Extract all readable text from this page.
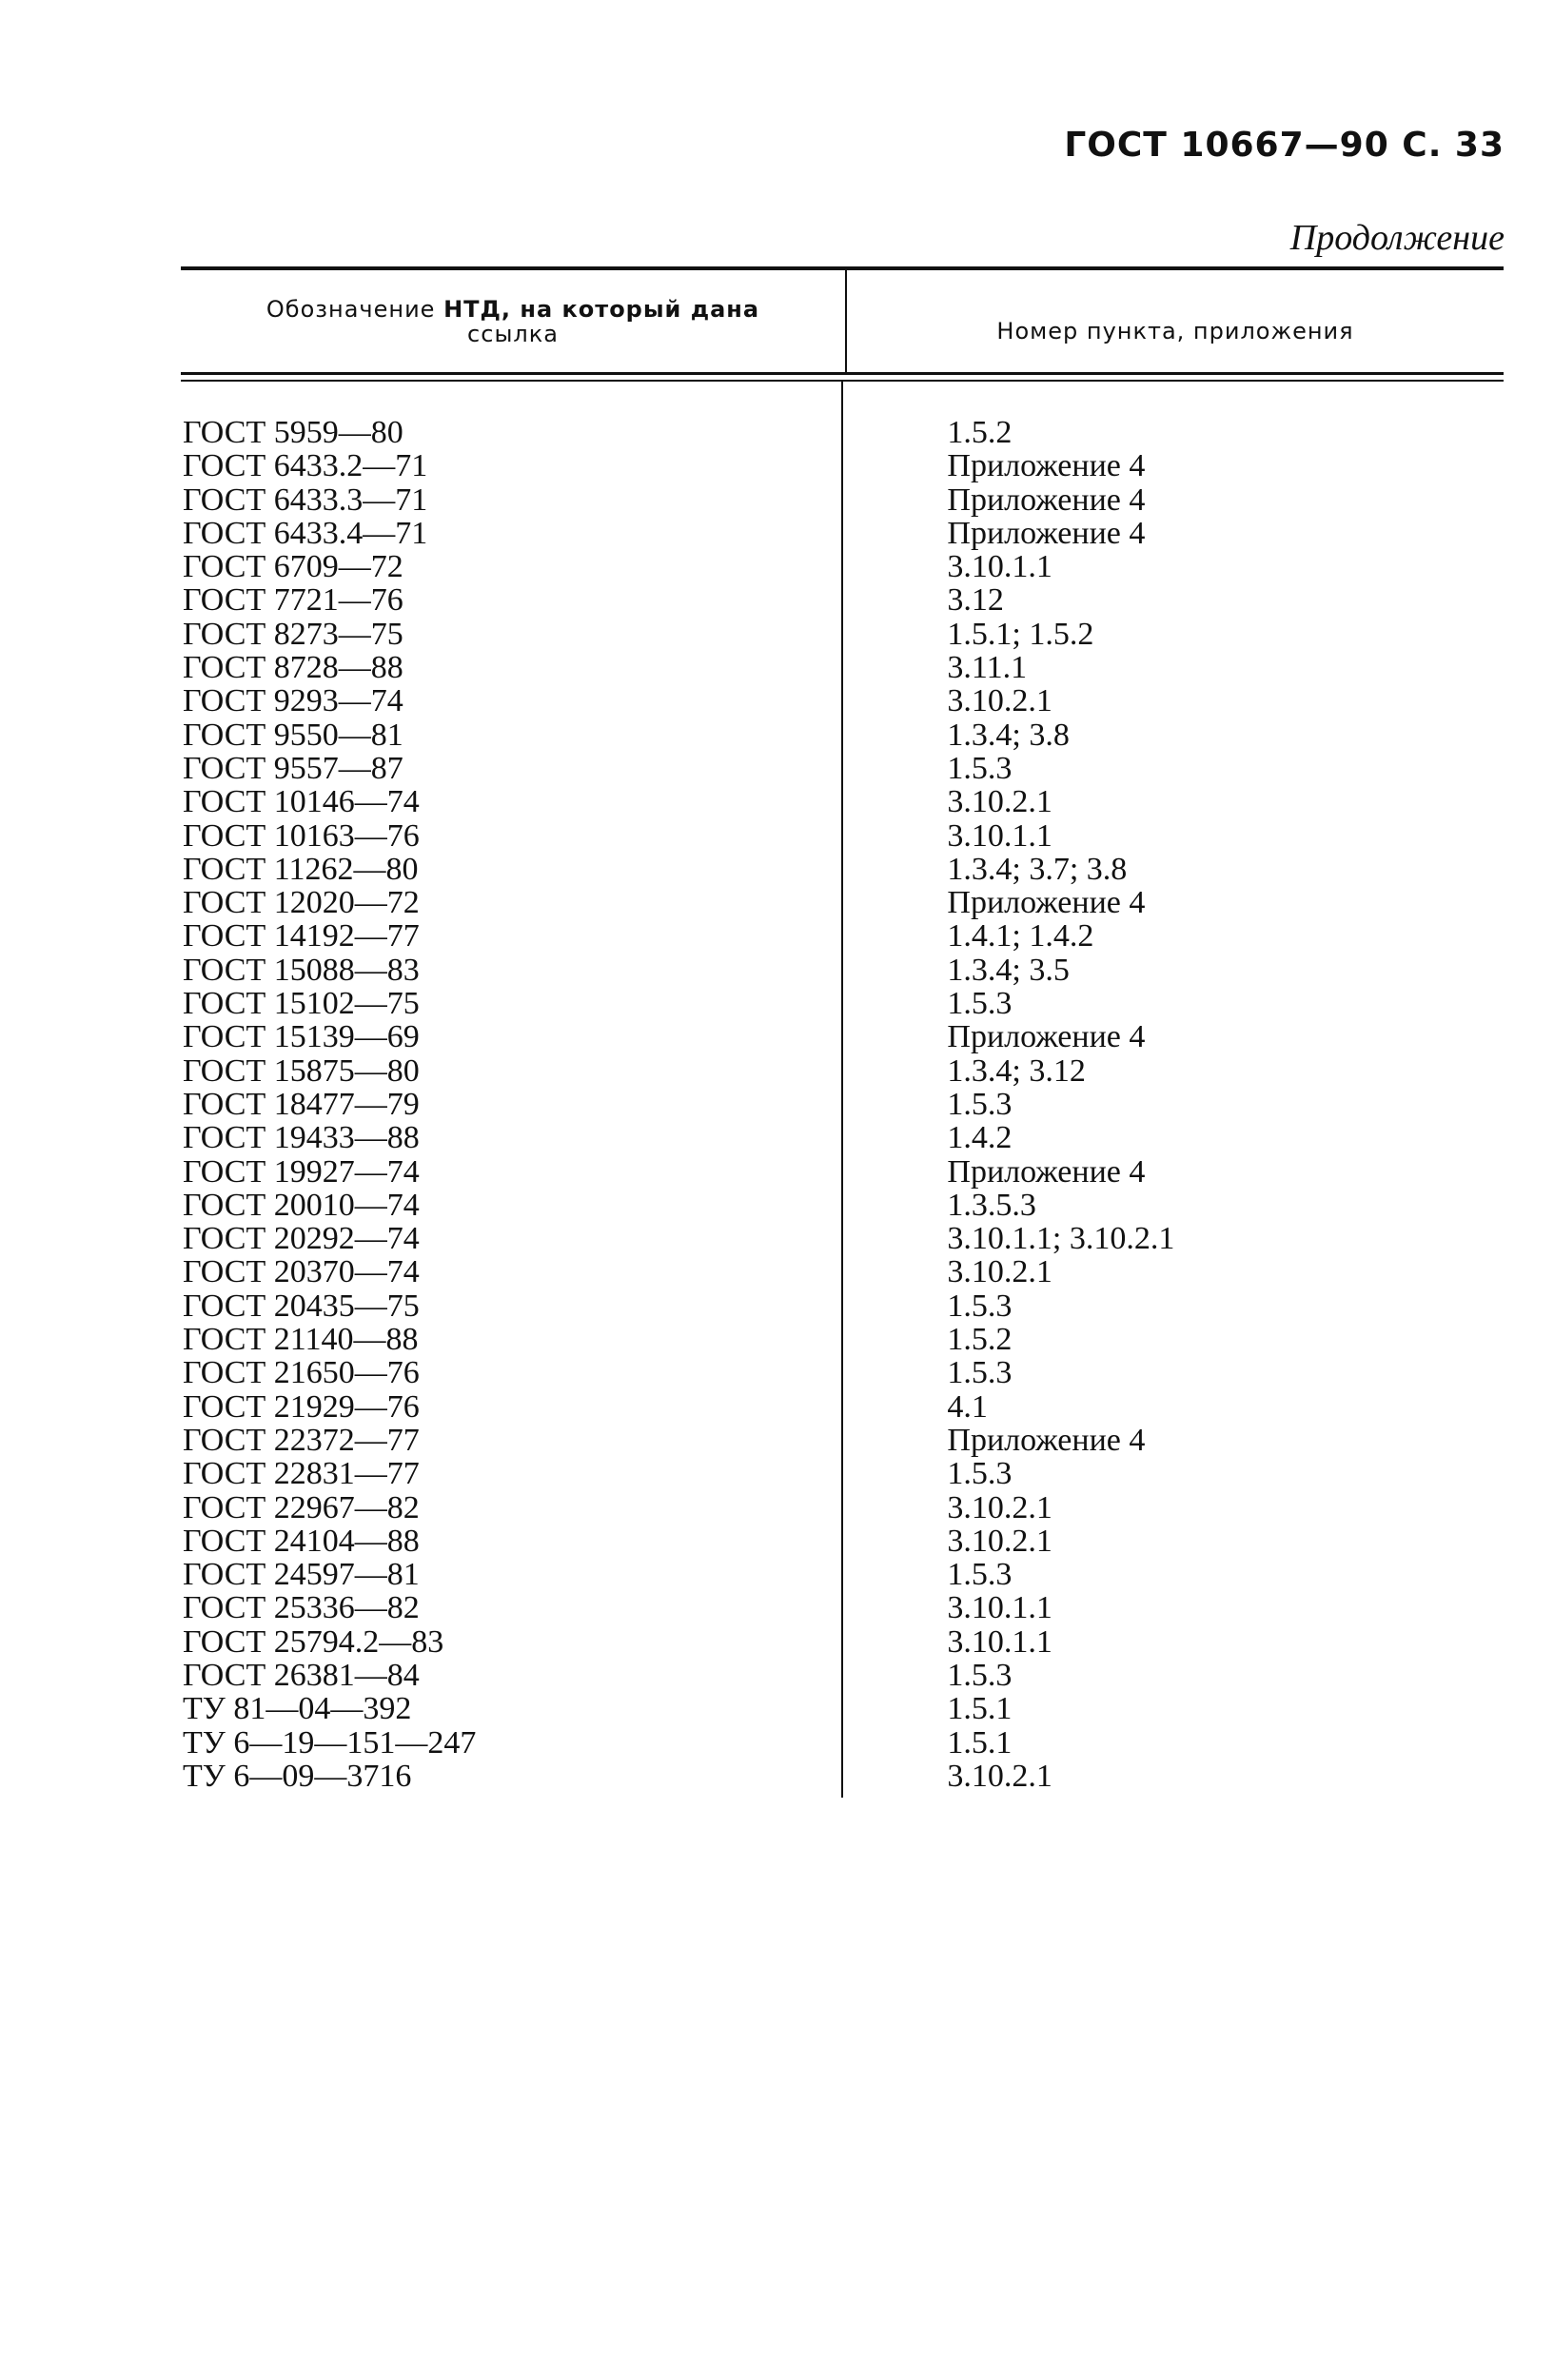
ГОСТ 10667—90 С. 33
Продолжение
Обозначение НТД, на который дана
ссылка	Номер пункта, приложения
ГОСТ 5959—80	1.5.2
ГОСТ 6433.2—71	Приложение 4
ГОСТ 6433.3—71	Приложение 4
ГОСТ 6433.4—71	Приложение 4
ГОСТ 6709—72	3.10.1.1
ГОСТ 7721—76	3.12
ГОСТ 8273—75	1.5.1; 1.5.2
ГОСТ 8728—88	3.11.1
ГОСТ 9293—74	3.10.2.1
ГОСТ 9550—81	1.3.4; 3.8
ГОСТ 9557—87	1.5.3
ГОСТ 10146—74	3.10.2.1
ГОСТ 10163—76	3.10.1.1
ГОСТ 11262—80	1.3.4; 3.7; 3.8
ГОСТ 12020—72	Приложение 4
ГОСТ 14192—77	1.4.1; 1.4.2
ГОСТ 15088—83	1.3.4; 3.5
ГОСТ 15102—75	1.5.3
ГОСТ 15139—69	Приложение 4
ГОСТ 15875—80	1.3.4; 3.12
ГОСТ 18477—79	1.5.3
ГОСТ 19433—88	1.4.2
ГОСТ 19927—74	Приложение 4
ГОСТ 20010—74	1.3.5.3
ГОСТ 20292—74	3.10.1.1; 3.10.2.1
ГОСТ 20370—74	3.10.2.1
ГОСТ 20435—75	1.5.3
ГОСТ 21140—88	1.5.2
ГОСТ 21650—76	1.5.3
ГОСТ 21929—76	4.1
ГОСТ 22372—77	Приложение 4
ГОСТ 22831—77	1.5.3
ГОСТ 22967—82	3.10.2.1
ГОСТ 24104—88	3.10.2.1
ГОСТ 24597—81	1.5.3
ГОСТ 25336—82	3.10.1.1
ГОСТ 25794.2—83	3.10.1.1
ГОСТ 26381—84	1.5.3
ТУ 81—04—392	1.5.1
ТУ 6—19—151—247	1.5.1
ТУ 6—09—3716	3.10.2.1
